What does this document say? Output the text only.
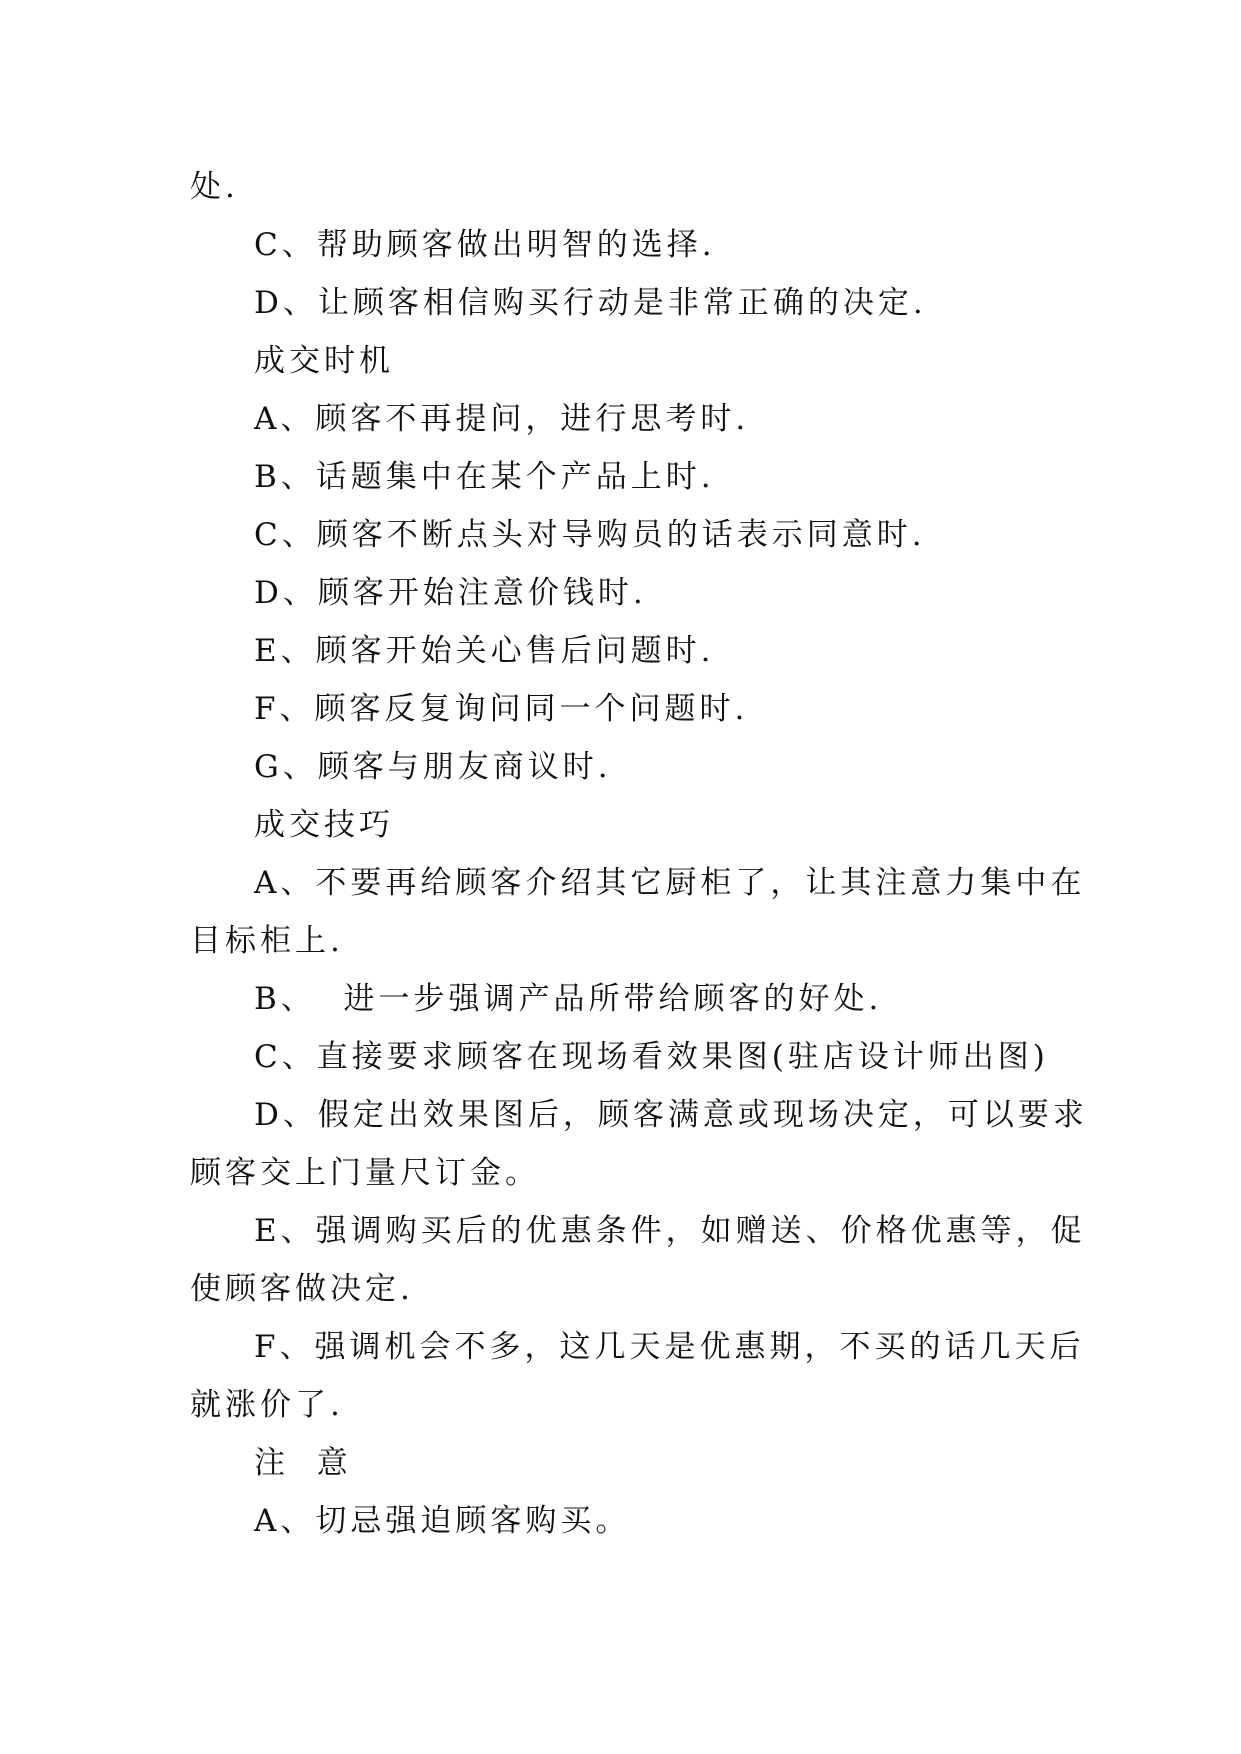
处.
C、帮助顾客做出明智的选择.
D、让顾客相信购买行动是非常正确的决定.
成交时机
A、顾客不再提问，进行思考时.
B、话题集中在某个产品上时.
C、顾客不断点头对导购员的话表示同意时.
D、顾客开始注意价钱时.
E、顾客开始关心售后问题时.
F、顾客反复询问同一个问题时.
G、顾客与朋友商议时.
成交技巧
A、不要再给顾客介绍其它厨柜了，让其注意力集中在
目标柜上.
B、  进一步强调产品所带给顾客的好处.
C、直接要求顾客在现场看效果图(驻店设计师出图)
D、假定出效果图后，顾客满意或现场决定，可以要求
顾客交上门量尺订金。
E、强调购买后的优惠条件，如赠送、价格优惠等，促
使顾客做决定.
F、强调机会不多，这几天是优惠期，不买的话几天后
就涨价了.
注  意
A、切忌强迫顾客购买。
